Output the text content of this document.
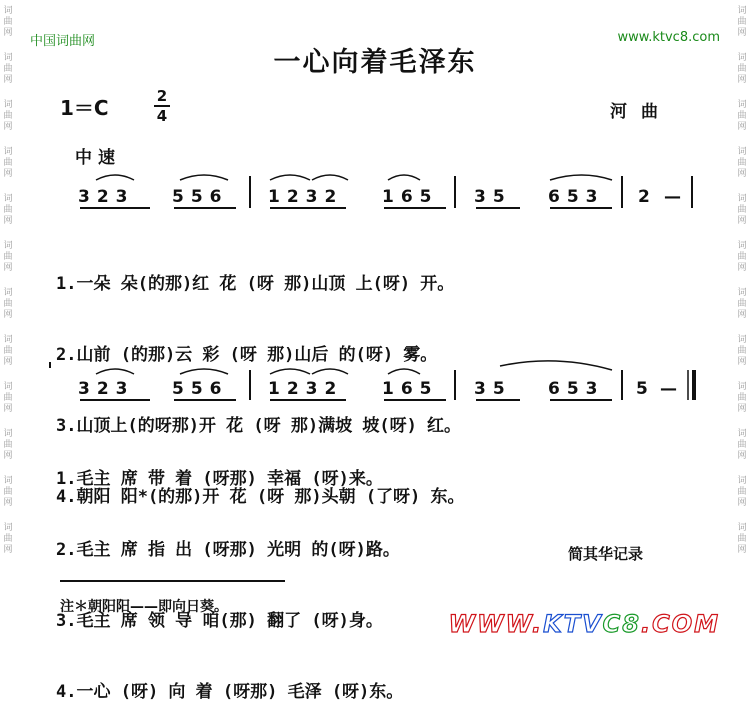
词
曲
网
词
曲
网
词
曲
网
词
曲
网
词
曲
网
词
曲
网
词
曲
网
词
曲
网
词
曲
网
词
曲
网
词
曲
网
词
曲
网
词
曲
网
词
曲
网
词
曲
网
词
曲
网
词
曲
网
词
曲
网
词
曲
网
词
曲
网
词
曲
网
词
曲
网
词
曲
网
词
曲
网
中国词曲网	www.ktvc8.com
一心向着毛泽东
1＝C	2
4	河曲
中速
323 556 1232 165 35 653 2 —

1.一朵 朵(的那)红 花 (呀 那)山顶 上(呀) 开。

2.山前 (的那)云 彩 (呀 那)山后 的(呀) 雾。

3.山顶上(的呀那)开 花 (呀 那)满坡 坡(呀) 红。

4.朝阳 阳*(的那)开 花 (呀 那)头朝 (了呀) 东。

323 556 1232 165 35 653 5 —

1.毛主 席 带 着 (呀那) 幸福 (呀)来。

2.毛主 席 指 出 (呀那) 光明 的(呀)路。

3.毛主 席 领 导 咱(那) 翻了 (呀)身。

4.一心 (呀) 向 着 (呀那) 毛泽 (呀)东。

简其华记录
注＊朝阳阳——即向日葵。
WWW.KTVC8.COM
